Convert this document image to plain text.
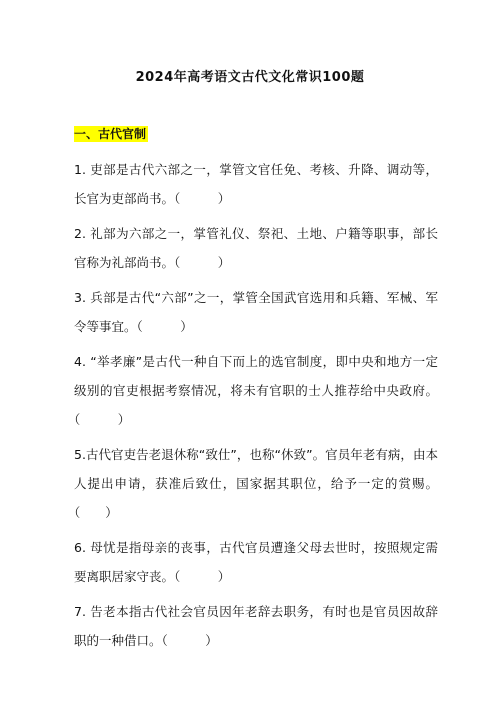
2024年高考语文古代文化常识100题
一、古代官制

1. 吏部是古代六部之一，掌管文官任免、考核、升降、调动等，长官为吏部尚书。（　　　）

2. 礼部为六部之一，掌管礼仪、祭祀、土地、户籍等职事，部长官称为礼部尚书。（　　　）

3. 兵部是古代“六部”之一，掌管全国武官选用和兵籍、军械、军令等事宜。（　　　）

4. “举孝廉”是古代一种自下而上的选官制度，即中央和地方一定级别的官吏根据考察情况，将未有官职的士人推荐给中央政府。（　　　）

5.古代官吏告老退休称“致仕”，也称“休致”。官员年老有病，由本人提出申请，获准后致仕，国家据其职位，给予一定的赏赐。（　　）

6. 母忧是指母亲的丧事，古代官员遭逢父母去世时，按照规定需要离职居家守丧。（　　　）

7. 告老本指古代社会官员因年老辞去职务，有时也是官员因故辞职的一种借口。（　　　）
